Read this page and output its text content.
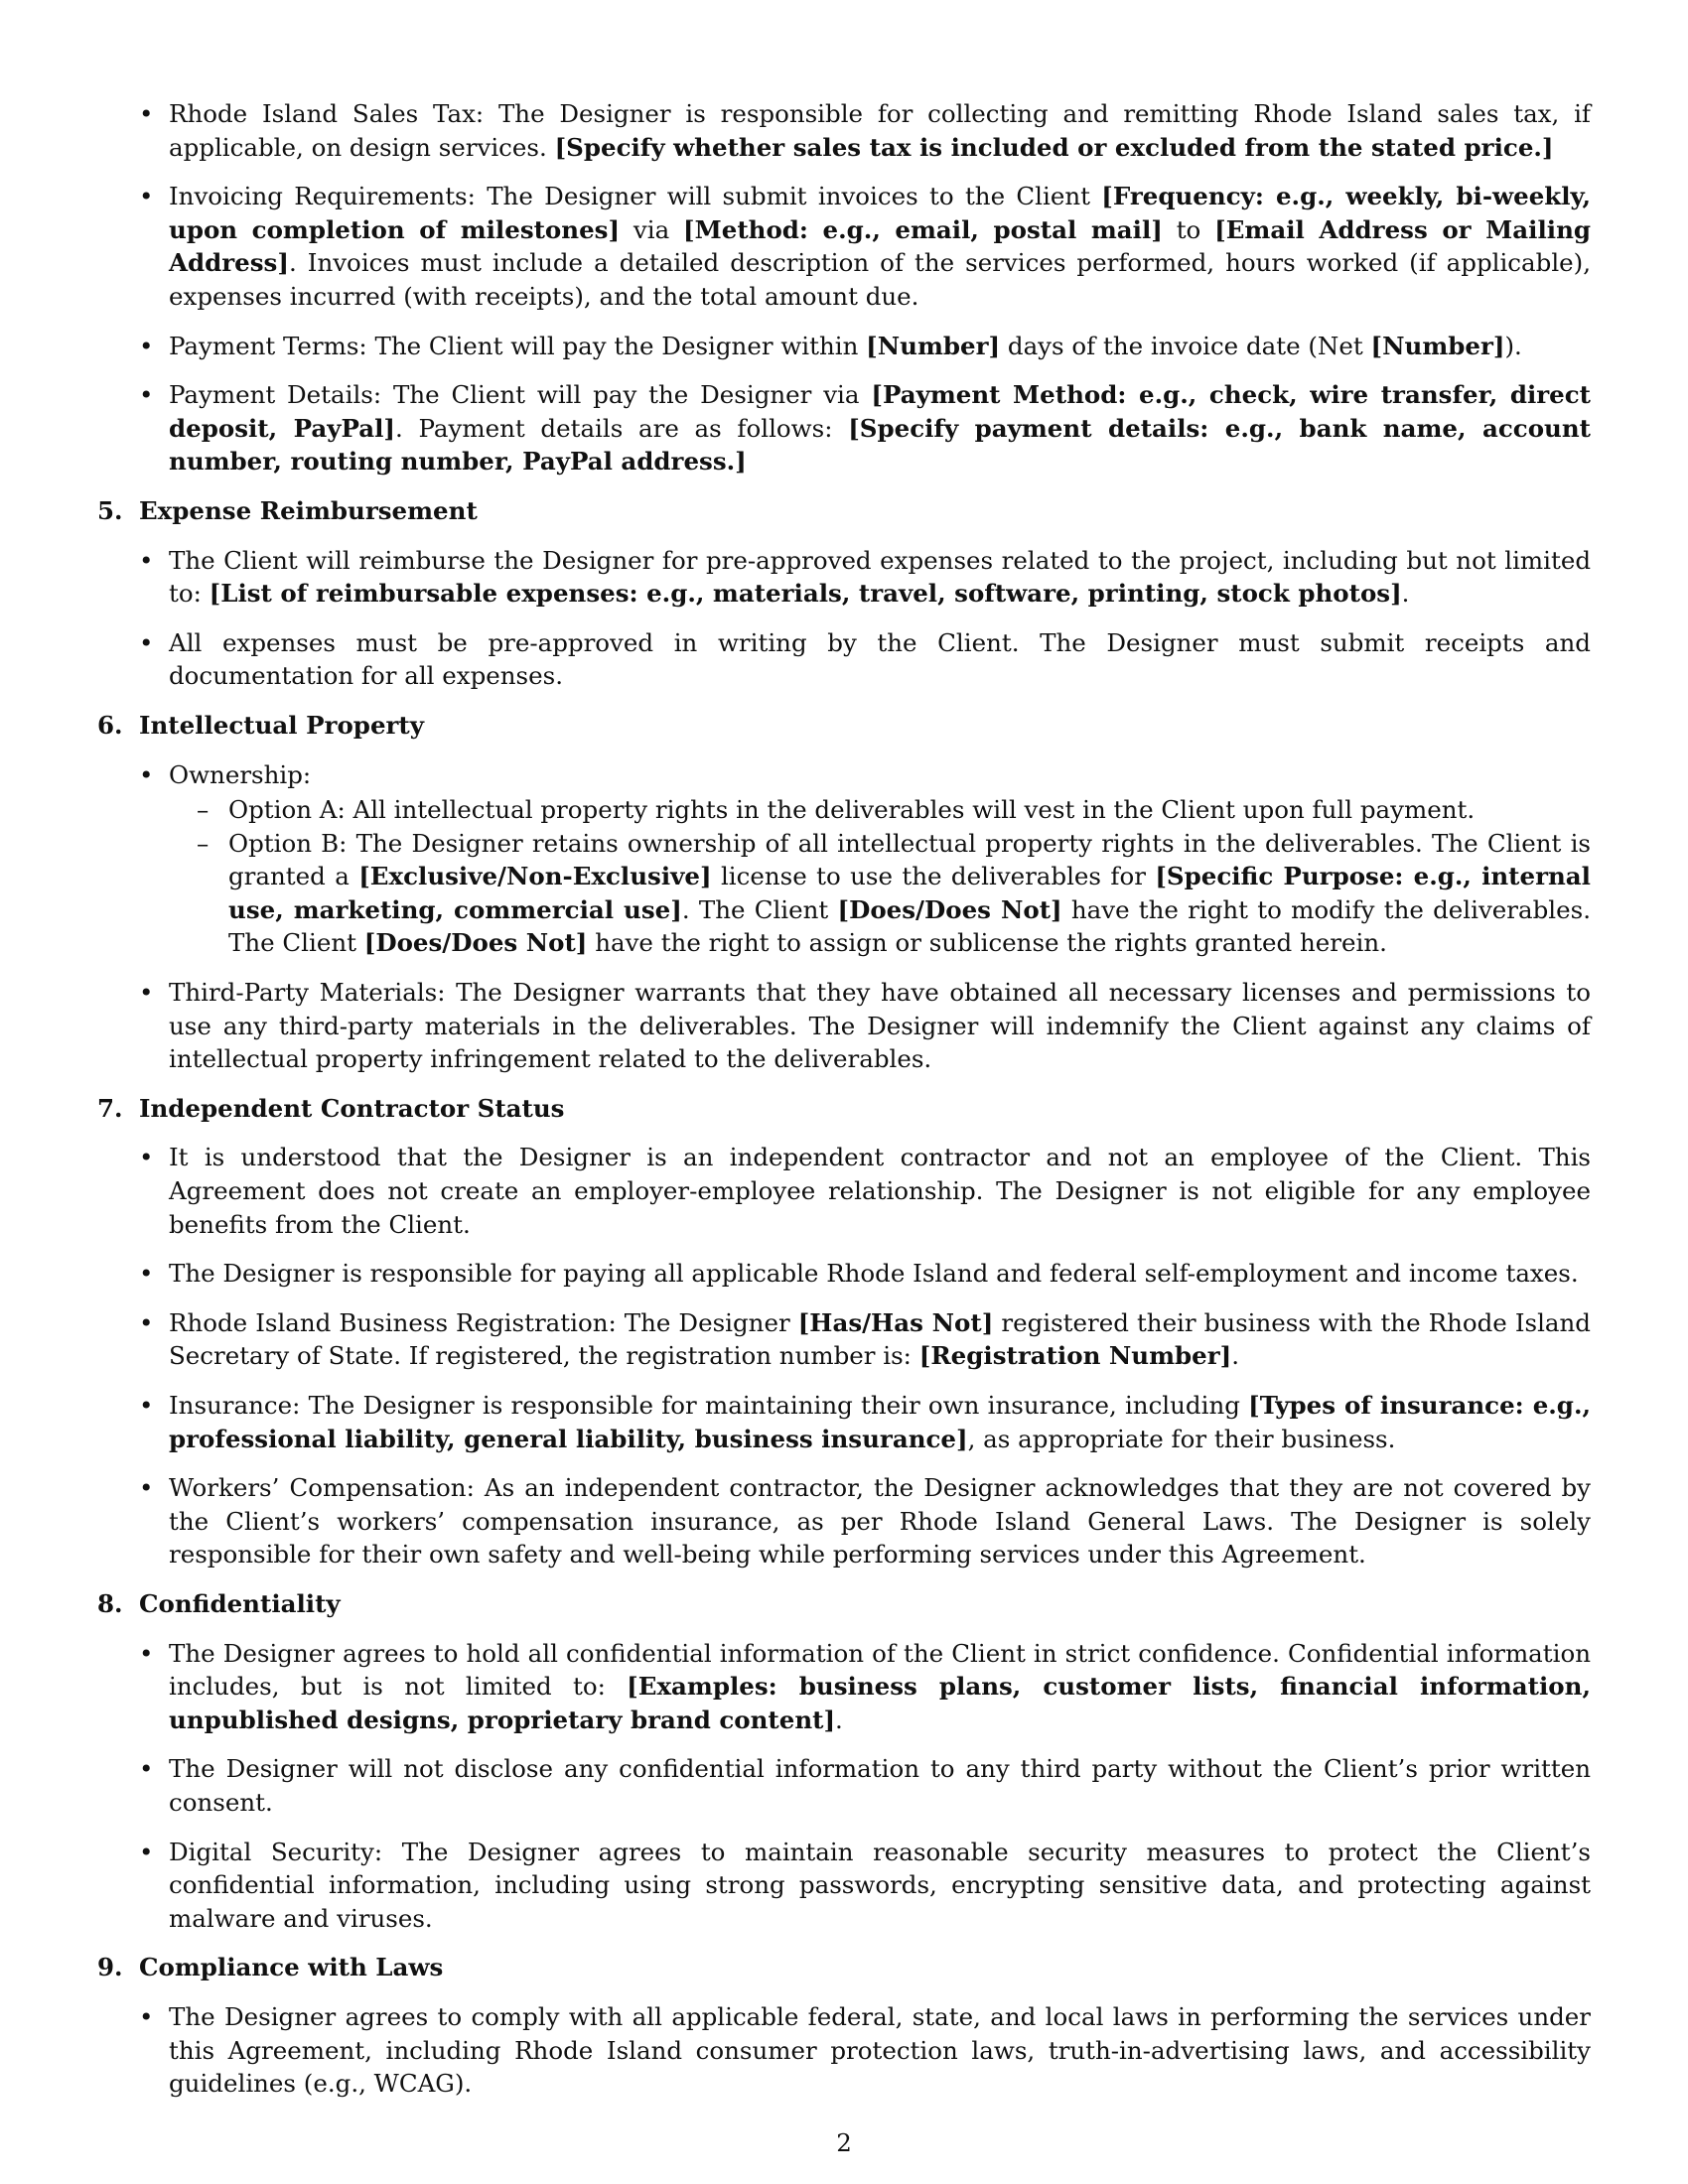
• Rhode Island Sales Tax: The Designer is responsible for collecting and remitting Rhode Island sales tax, if applicable, on design services. [Specify whether sales tax is included or excluded from the stated price.]
• Invoicing Requirements: The Designer will submit invoices to the Client [Frequency: e.g., weekly, bi-weekly, upon completion of milestones] via [Method: e.g., email, postal mail] to [Email Address or Mailing Address]. Invoices must include a detailed description of the services performed, hours worked (if applicable), expenses incurred (with receipts), and the total amount due.
• Payment Terms: The Client will pay the Designer within [Number] days of the invoice date (Net [Number]).
• Payment Details: The Client will pay the Designer via [Payment Method: e.g., check, wire transfer, direct deposit, PayPal]. Payment details are as follows: [Specify payment details: e.g., bank name, account number, routing number, PayPal address.]
5. Expense Reimbursement
• The Client will reimburse the Designer for pre-approved expenses related to the project, including but not limited to: [List of reimbursable expenses: e.g., materials, travel, software, printing, stock photos].
• All expenses must be pre-approved in writing by the Client. The Designer must submit receipts and documentation for all expenses.
6. Intellectual Property
• Ownership:
– Option A: All intellectual property rights in the deliverables will vest in the Client upon full payment.
– Option B: The Designer retains ownership of all intellectual property rights in the deliverables. The Client is granted a [Exclusive/Non-Exclusive] license to use the deliverables for [Specific Purpose: e.g., internal use, marketing, commercial use]. The Client [Does/Does Not] have the right to modify the deliverables. The Client [Does/Does Not] have the right to assign or sublicense the rights granted herein.
• Third-Party Materials: The Designer warrants that they have obtained all necessary licenses and permissions to use any third-party materials in the deliverables. The Designer will indemnify the Client against any claims of intellectual property infringement related to the deliverables.
7. Independent Contractor Status
• It is understood that the Designer is an independent contractor and not an employee of the Client. This Agreement does not create an employer-employee relationship. The Designer is not eligible for any employee benefits from the Client.
• The Designer is responsible for paying all applicable Rhode Island and federal self-employment and income taxes.
• Rhode Island Business Registration: The Designer [Has/Has Not] registered their business with the Rhode Island Secretary of State. If registered, the registration number is: [Registration Number].
• Insurance: The Designer is responsible for maintaining their own insurance, including [Types of insurance: e.g., professional liability, general liability, business insurance], as appropriate for their business.
• Workers’ Compensation: As an independent contractor, the Designer acknowledges that they are not covered by the Client’s workers’ compensation insurance, as per Rhode Island General Laws. The Designer is solely responsible for their own safety and well-being while performing services under this Agreement.
8. Confidentiality
• The Designer agrees to hold all confidential information of the Client in strict confidence. Confidential information includes, but is not limited to: [Examples: business plans, customer lists, financial information, unpublished designs, proprietary brand content].
• The Designer will not disclose any confidential information to any third party without the Client’s prior written consent.
• Digital Security: The Designer agrees to maintain reasonable security measures to protect the Client’s confidential information, including using strong passwords, encrypting sensitive data, and protecting against malware and viruses.
9. Compliance with Laws
• The Designer agrees to comply with all applicable federal, state, and local laws in performing the services under this Agreement, including Rhode Island consumer protection laws, truth-in-advertising laws, and accessibility guidelines (e.g., WCAG).
2
